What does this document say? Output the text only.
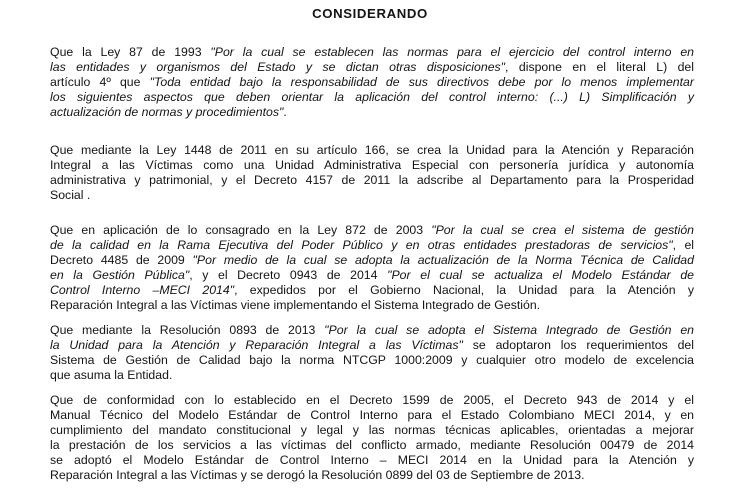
CONSIDERANDO
Que la Ley 87 de 1993 "Por la cual se establecen las normas para el ejercicio del control interno en
las entidades y organismos del Estado y se dictan otras disposiciones", dispone en el literal L) del
artículo 4º que "Toda entidad bajo la responsabilidad de sus directivos debe por lo menos implementar
los siguientes aspectos que deben orientar la aplicación del control interno: (...) L) Simplificación y
actualización de normas y procedimientos".
Que mediante la Ley 1448 de 2011 en su artículo 166, se crea la Unidad para la Atención y Reparación
Integral a las Víctimas como una Unidad Administrativa Especial con personería jurídica y autonomía
administrativa y patrimonial, y el Decreto 4157 de 2011 la adscribe al Departamento para la Prosperidad
Social .
Que en aplicación de lo consagrado en la Ley 872 de 2003 "Por la cual se crea el sistema de gestión
de la calidad en la Rama Ejecutiva del Poder Público y en otras entidades prestadoras de servicios", el
Decreto 4485 de 2009 "Por medio de la cual se adopta la actualización de la Norma Técnica de Calidad
en la Gestión Pública", y el Decreto 0943 de 2014 "Por el cual se actualiza el Modelo Estándar de
Control Interno –MECI 2014", expedidos por el Gobierno Nacional, la Unidad para la Atención y
Reparación Integral a las Víctimas viene implementando el Sistema Integrado de Gestión.
Que mediante la Resolución 0893 de 2013 "Por la cual se adopta el Sistema Integrado de Gestión en
la Unidad para la Atención y Reparación Integral a las Víctimas" se adoptaron los requerimientos del
Sistema de Gestión de Calidad bajo la norma NTCGP 1000:2009 y cualquier otro modelo de excelencia
que asuma la Entidad.
Que de conformidad con lo establecido en el Decreto 1599 de 2005, el Decreto 943 de 2014 y el
Manual Técnico del Modelo Estándar de Control Interno para el Estado Colombiano MECI 2014, y en
cumplimiento del mandato constitucional y legal y las normas técnicas aplicables, orientadas a mejorar
la prestación de los servicios a las víctimas del conflicto armado, mediante Resolución 00479 de 2014
se adoptó el Modelo Estándar de Control Interno – MECI 2014 en la Unidad para la Atención y
Reparación Integral a las Víctimas y se derogó la Resolución 0899 del 03 de Septiembre de 2013.
